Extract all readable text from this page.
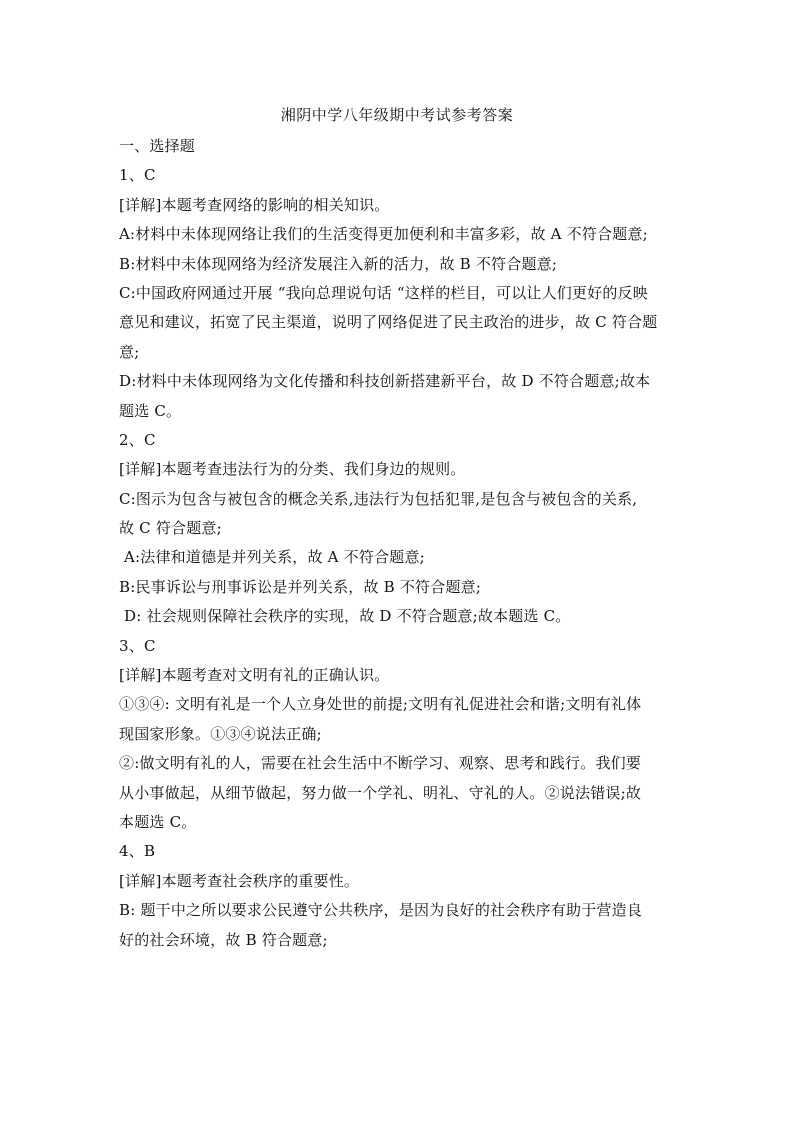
湘阴中学八年级期中考试参考答案
一、选择题
1、C
[详解]本题考查网络的影响的相关知识。
A:材料中未体现网络让我们的生活变得更加便利和丰富多彩，故 A 不符合题意;
B:材料中未体现网络为经济发展注入新的活力，故 B 不符合题意;
C:中国政府网通过开展 “我向总理说句话 “这样的栏目，可以让人们更好的反映
意见和建议，拓宽了民主渠道，说明了网络促进了民主政治的进步，故 C 符合题
意;
D:材料中未体现网络为文化传播和科技创新搭建新平台，故 D 不符合题意;故本
题选 C。
2、C
[详解]本题考查违法行为的分类、我们身边的规则。
C:图示为包含与被包含的概念关系,违法行为包括犯罪,是包含与被包含的关系,
故 C 符合题意;
A:法律和道德是并列关系，故 A 不符合题意;
B:民事诉讼与刑事诉讼是并列关系，故 B 不符合题意;
D: 社会规则保障社会秩序的实现，故 D 不符合题意;故本题选 C。
3、C
[详解]本题考查对文明有礼的正确认识。
①③④: 文明有礼是一个人立身处世的前提;文明有礼促进社会和谐;文明有礼体
现国家形象。①③④说法正确;
②:做文明有礼的人，需要在社会生活中不断学习、观察、思考和践行。我们要
从小事做起，从细节做起，努力做一个学礼、明礼、守礼的人。②说法错误;故
本题选 C。
4、B
[详解]本题考查社会秩序的重要性。
B: 题干中之所以要求公民遵守公共秩序，是因为良好的社会秩序有助于营造良
好的社会环境，故 B 符合题意;
